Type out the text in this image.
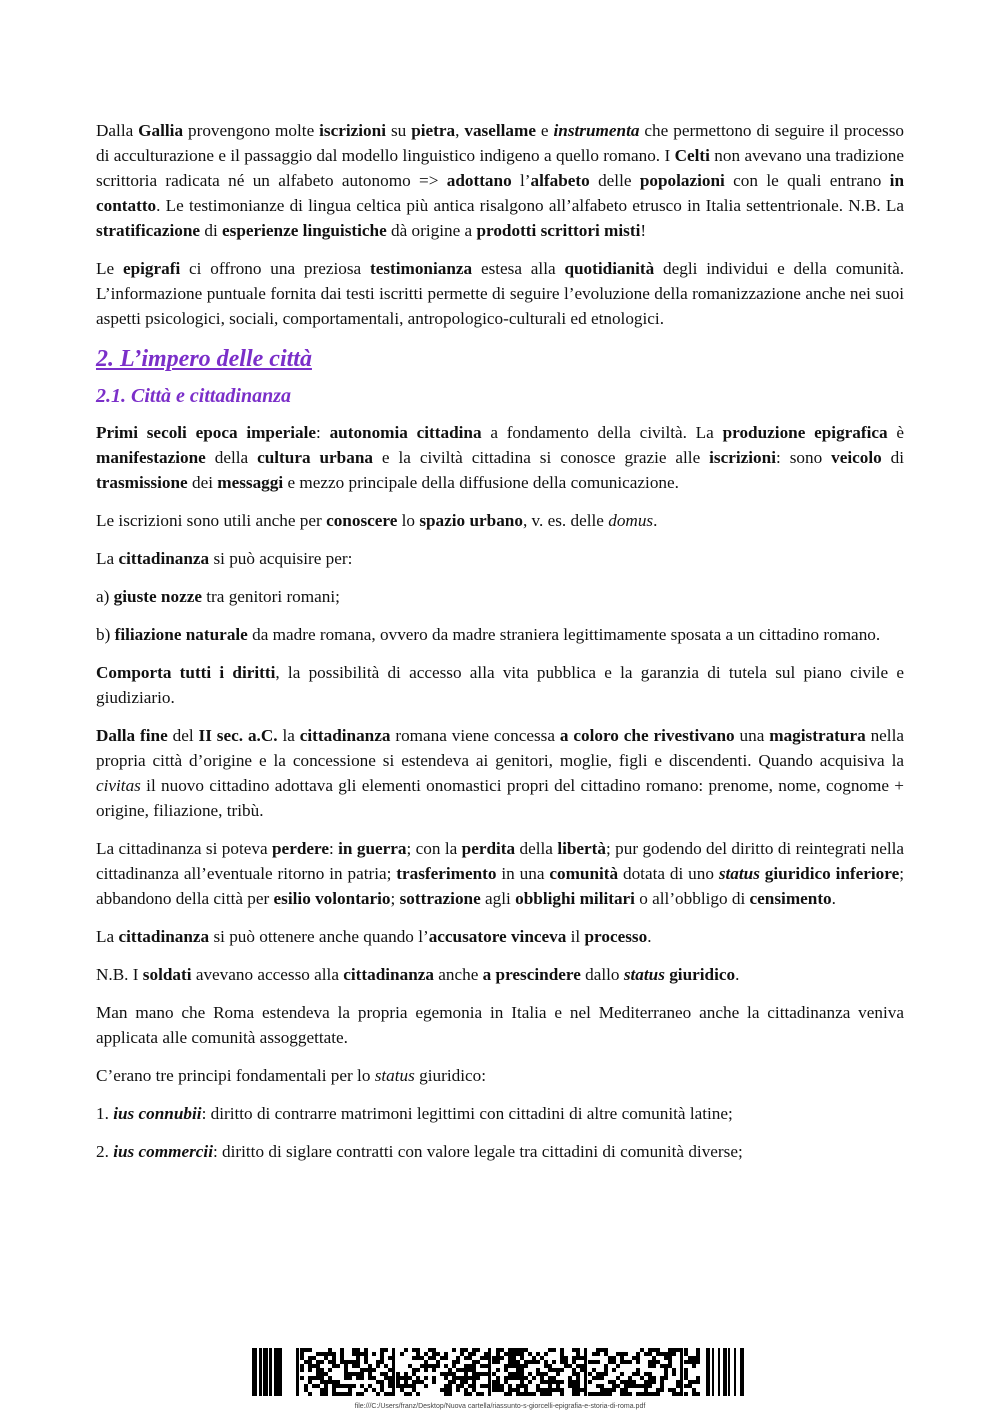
Dalla Gallia provengono molte iscrizioni su pietra, vasellame e instrumenta che permettono di seguire il processo di acculturazione e il passaggio dal modello linguistico indigeno a quello romano. I Celti non avevano una tradizione scrittoria radicata né un alfabeto autonomo => adottano l’alfabeto delle popolazioni con le quali entrano in contatto. Le testimonianze di lingua celtica più antica risalgono all’alfabeto etrusco in Italia settentrionale. N.B. La stratificazione di esperienze linguistiche dà origine a prodotti scrittori misti!
Le epigrafi ci offrono una preziosa testimonianza estesa alla quotidianità degli individui e della comunità. L’informazione puntuale fornita dai testi iscritti permette di seguire l’evoluzione della romanizzazione anche nei suoi aspetti psicologici, sociali, comportamentali, antropologico-culturali ed etnologici.
2. L’impero delle città
2.1. Città e cittadinanza
Primi secoli epoca imperiale: autonomia cittadina a fondamento della civiltà. La produzione epigrafica è manifestazione della cultura urbana e la civiltà cittadina si conosce grazie alle iscrizioni: sono veicolo di trasmissione dei messaggi e mezzo principale della diffusione della comunicazione.
Le iscrizioni sono utili anche per conoscere lo spazio urbano, v. es. delle domus.
La cittadinanza si può acquisire per:
a) giuste nozze tra genitori romani;
b) filiazione naturale da madre romana, ovvero da madre straniera legittimamente sposata a un cittadino romano.
Comporta tutti i diritti, la possibilità di accesso alla vita pubblica e la garanzia di tutela sul piano civile e giudiziario.
Dalla fine del II sec. a.C. la cittadinanza romana viene concessa a coloro che rivestivano una magistratura nella propria città d’origine e la concessione si estendeva ai genitori, moglie, figli e discendenti. Quando acquisiva la civitas il nuovo cittadino adottava gli elementi onomastici propri del cittadino romano: prenome, nome, cognome + origine, filiazione, tribù.
La cittadinanza si poteva perdere: in guerra; con la perdita della libertà; pur godendo del diritto di reintegrati nella cittadinanza all’eventuale ritorno in patria; trasferimento in una comunità dotata di uno status giuridico inferiore; abbandono della città per esilio volontario; sottrazione agli obblighi militari o all’obbligo di censimento.
La cittadinanza si può ottenere anche quando l’accusatore vinceva il processo.
N.B. I soldati avevano accesso alla cittadinanza anche a prescindere dallo status giuridico.
Man mano che Roma estendeva la propria egemonia in Italia e nel Mediterraneo anche la cittadinanza veniva applicata alle comunità assoggettate.
C’erano tre principi fondamentali per lo status giuridico:
1. ius connubii: diritto di contrarre matrimoni legittimi con cittadini di altre comunità latine;
2. ius commercii: diritto di siglare contratti con valore legale tra cittadini di comunità diverse;
file:///C:/Users/franz/Desktop/Nuova cartella/riassunto-s-giorcelli-epigrafia-e-storia-di-roma.pdf
